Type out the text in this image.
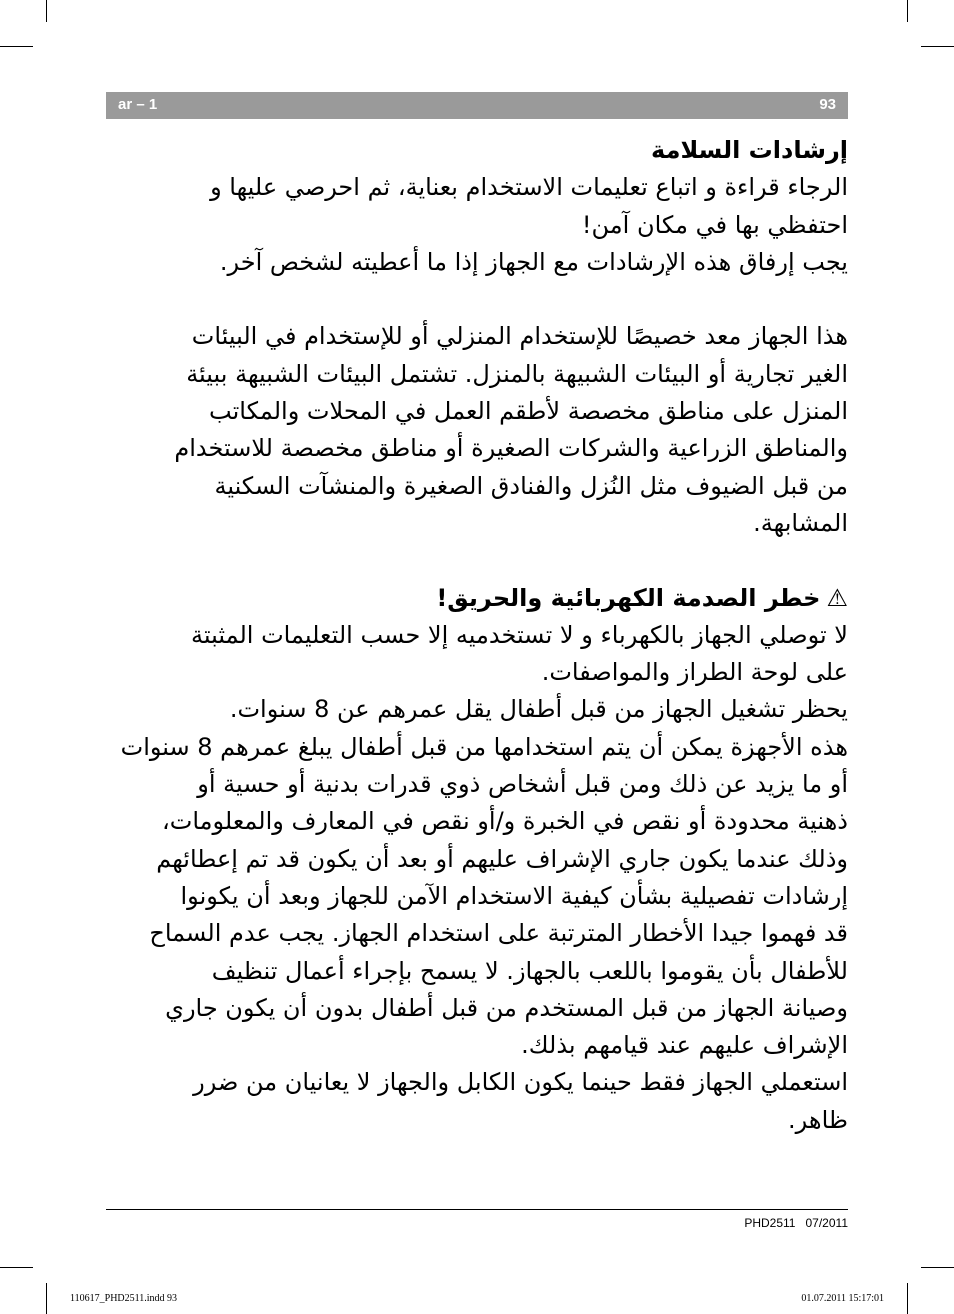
ar – 1	93
إرشادات السلامة
الرجاء قراءة و اتباع تعليمات الاستخدام بعناية، ثم احرصي عليها و
احتفظي بها في مكان آمن!
يجب إرفاق هذه الإرشادات مع الجهاز إذا ما أعطيته لشخص آخر.
هذا الجهاز معد خصيصًا للإستخدام المنزلي أو للإستخدام في البيئات
الغير تجارية أو البيئات الشبيهة بالمنزل. تشتمل البيئات الشبيهة ببيئة
المنزل على مناطق مخصصة لأطقم العمل في المحلات والمكاتب
والمناطق الزراعية والشركات الصغيرة أو مناطق مخصصة للاستخدام
من قبل الضيوف مثل النُزل والفنادق الصغيرة والمنشآت السكنية
المشابهة.
⚠خطر الصدمة الكهربائية والحريق!
لا توصلي الجهاز بالكهرباء و لا تستخدميه إلا حسب التعليمات المثبتة
على لوحة الطراز والمواصفات.
يحظر تشغيل الجهاز من قبل أطفال يقل عمرهم عن 8 سنوات.
هذه الأجهزة يمكن أن يتم استخدامها من قبل أطفال يبلغ عمرهم 8 سنوات
أو ما يزيد عن ذلك ومن قبل أشخاص ذوي قدرات بدنية أو حسية أو
ذهنية محدودة أو نقص في الخبرة و/أو نقص في المعارف والمعلومات،
وذلك عندما يكون جاري الإشراف عليهم أو بعد أن يكون قد تم إعطائهم
إرشادات تفصيلية بشأن كيفية الاستخدام الآمن للجهاز وبعد أن يكونوا
قد فهموا جيدا الأخطار المترتبة على استخدام الجهاز. يجب عدم السماح
للأطفال بأن يقوموا باللعب بالجهاز. لا يسمح بإجراء أعمال تنظيف
وصيانة الجهاز من قبل المستخدم من قبل أطفال بدون أن يكون جاري
الإشراف عليهم عند قيامهم بذلك.
استعملي الجهاز فقط حينما يكون الكابل والجهاز لا يعانيان من ضرر
ظاهر.
PHD2511 07/2011
110617_PHD2511.indd 93	01.07.2011 15:17:01
